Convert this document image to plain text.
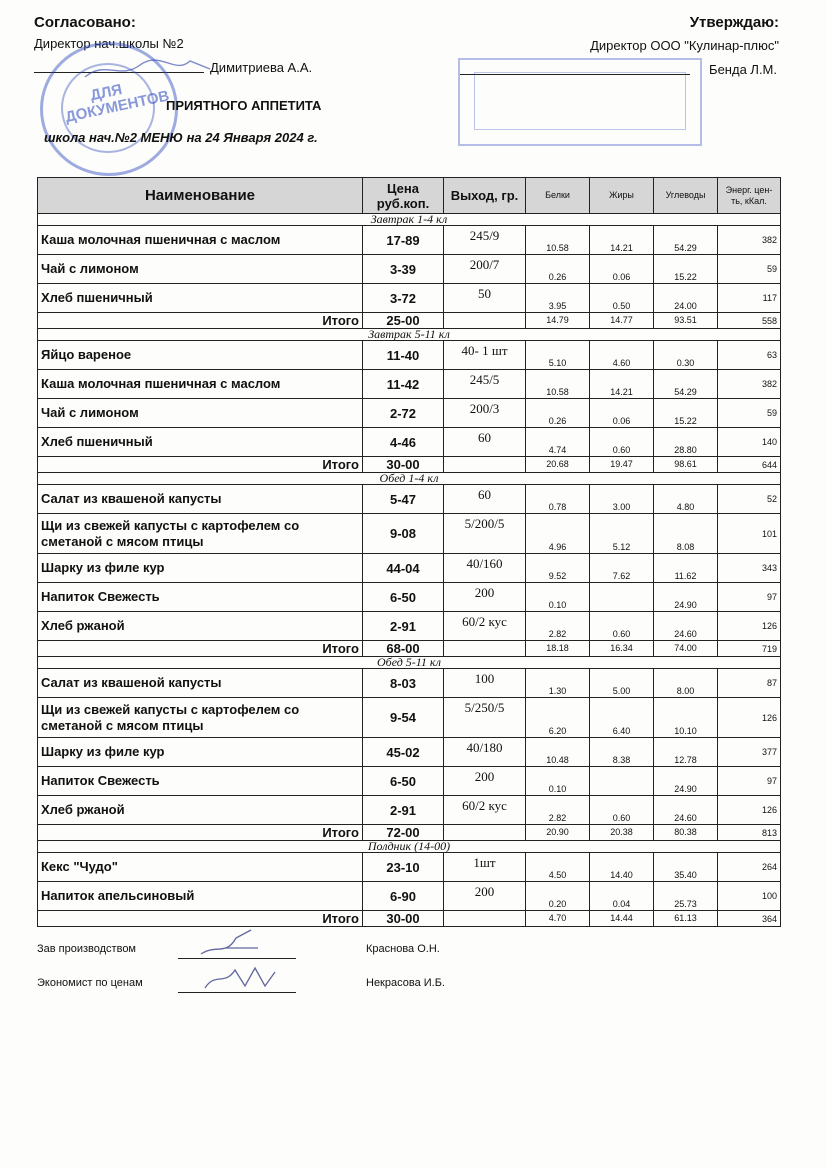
Согласовано:
Директор нач.школы №2
Димитриева А.А.
Утверждаю:
Директор ООО "Кулинар-плюс"
Бенда Л.М.
ДЛЯ ДОКУМЕНТОВ
ПРИЯТНОГО АППЕТИТА
школа нач.№2 МЕНЮ на 24 Января 2024 г.
Наименование	Цена руб.коп.	Выход, гр.	Белки	Жиры	Углеводы	Энерг. цен-ть, кКал.
Завтрак 1-4 кл						
Каша молочная пшеничная с маслом	17-89	245/9	10.58	14.21	54.29	382
Чай с лимоном	3-39	200/7	0.26	0.06	15.22	59
Хлеб пшеничный	3-72	50	3.95	0.50	24.00	117
Итого	25-00		14.79	14.77	93.51	558
Завтрак 5-11 кл						
Яйцо вареное	11-40	40- 1 шт	5.10	4.60	0.30	63
Каша молочная пшеничная с маслом	11-42	245/5	10.58	14.21	54.29	382
Чай с лимоном	2-72	200/3	0.26	0.06	15.22	59
Хлеб пшеничный	4-46	60	4.74	0.60	28.80	140
Итого	30-00		20.68	19.47	98.61	644
Обед 1-4 кл						
Салат из квашеной капусты	5-47	60	0.78	3.00	4.80	52
Щи из свежей капусты с картофелем со сметаной с мясом птицы	9-08	5/200/5	4.96	5.12	8.08	101
Шарку из филе кур	44-04	40/160	9.52	7.62	11.62	343
Напиток Свежесть	6-50	200	0.10		24.90	97
Хлеб ржаной	2-91	60/2 кус	2.82	0.60	24.60	126
Итого	68-00		18.18	16.34	74.00	719
Обед 5-11 кл						
Салат из квашеной капусты	8-03	100	1.30	5.00	8.00	87
Щи из свежей капусты с картофелем со сметаной с мясом птицы	9-54	5/250/5	6.20	6.40	10.10	126
Шарку из филе кур	45-02	40/180	10.48	8.38	12.78	377
Напиток Свежесть	6-50	200	0.10		24.90	97
Хлеб ржаной	2-91	60/2 кус	2.82	0.60	24.60	126
Итого	72-00		20.90	20.38	80.38	813
Полдник (14-00)						
Кекс "Чудо"	23-10	1шт	4.50	14.40	35.40	264
Напиток апельсиновый	6-90	200	0.20	0.04	25.73	100
Итого	30-00		4.70	14.44	61.13	364
Зав производством	Краснова О.Н.
Экономист по ценам	Некрасова И.Б.
